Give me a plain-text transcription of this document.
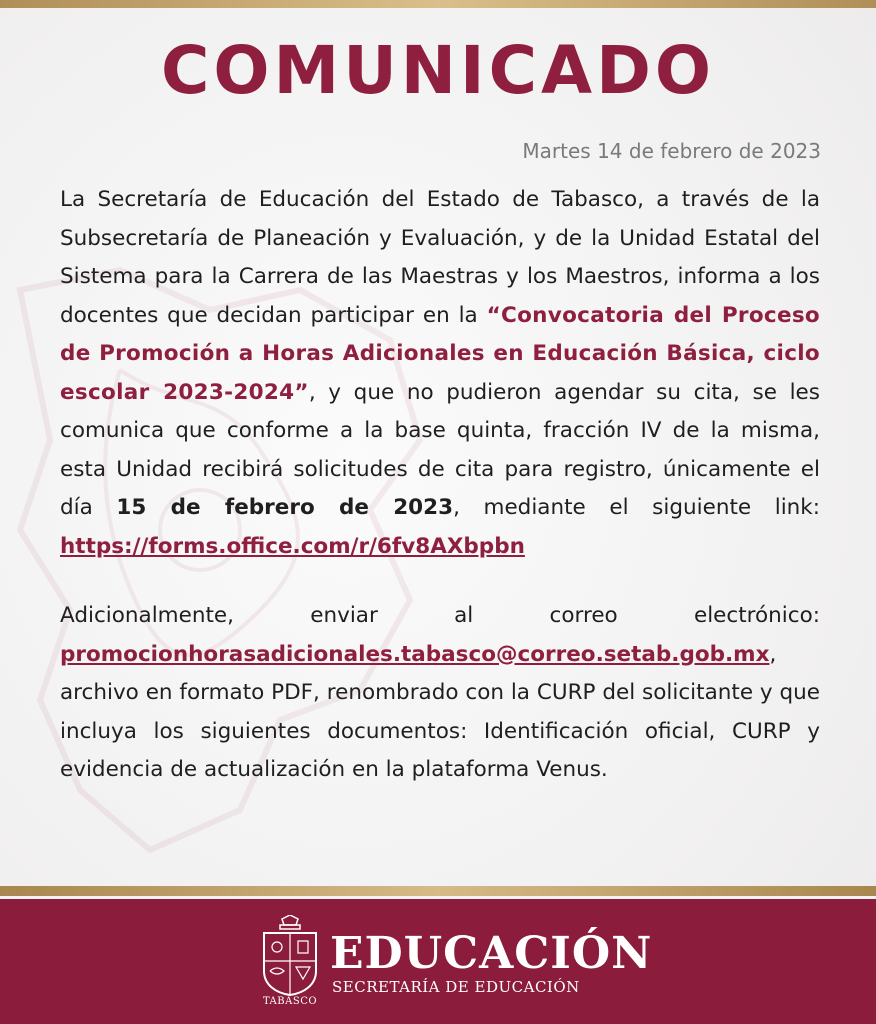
COMUNICADO
Martes 14 de febrero de 2023

La Secretaría de Educación del Estado de Tabasco, a través de la Subsecretaría de Planeación y Evaluación, y de la Unidad Estatal del Sistema para la Carrera de las Maestras y los Maestros, informa a los docentes que decidan participar en la “Convocatoria del Proceso de Promoción a Horas Adicionales en Educación Básica, ciclo escolar 2023-2024”, y que no pudieron agendar su cita, se les comunica que conforme a la base quinta, fracción IV de la misma, esta Unidad recibirá solicitudes de cita para registro, únicamente el día 15 de febrero de 2023, mediante el siguiente link: https://forms.office.com/r/6fv8AXbpbn

Adicionalmente, enviar al correo electrónico: promocionhorasadicionales.tabasco@correo.setab.gob.mx, archivo en formato PDF, renombrado con la CURP del solicitante y que incluya los siguientes documentos: Identificación oficial, CURP y evidencia de actualización en la plataforma Venus.

TABASCO
EDUCACIÓN
SECRETARÍA DE EDUCACIÓN
